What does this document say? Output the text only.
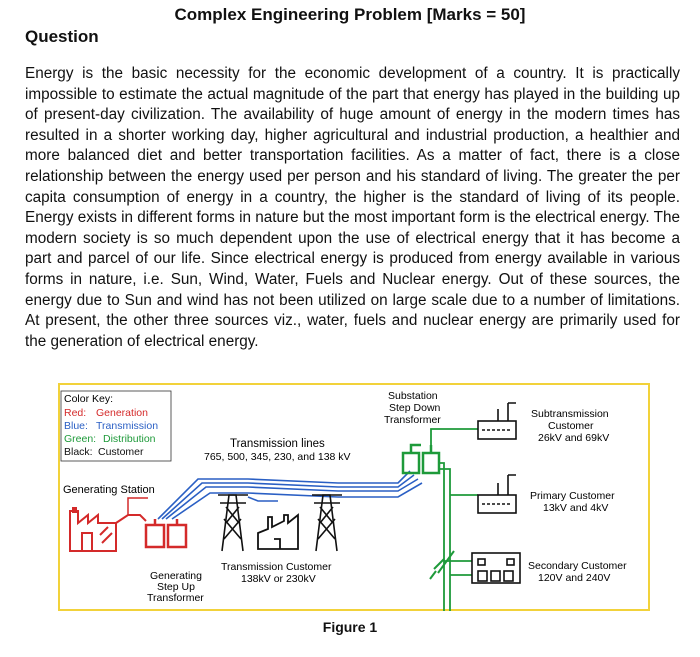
Complex Engineering Problem [Marks = 50]
Question
Energy is the basic necessity for the economic development of a country. It is practically impossible to estimate the actual magnitude of the part that energy has played in the building up of present-day civilization. The availability of huge amount of energy in the modern times has resulted in a shorter working day, higher agricultural and industrial production, a healthier and more balanced diet and better transportation facilities. As a matter of fact, there is a close relationship between the energy used per person and his standard of living. The greater the per capita consumption of energy in a country, the higher is the standard of living of its people. Energy exists in different forms in nature but the most important form is the electrical energy. The modern society is so much dependent upon the use of electrical energy that it has become a part and parcel of our life. Since electrical energy is produced from energy available in various forms in nature, i.e. Sun, Wind, Water, Fuels and Nuclear energy. Out of these sources, the energy due to Sun and wind has not been utilized on large scale due to a number of limitations. At present, the other three sources viz., water, fuels and nuclear energy are primarily used for the generation of electrical energy.
Color Key:
Red: Generation
Blue: Transmission
Green: Distribution
Black: Customer
Transmission lines
765, 500, 345, 230, and 138 kV
Generating Station
Transmission Customer
138kV or 230kV
Generating
Step Up
Transformer
Substation
Step Down
Transformer	Subtransmission
Customer
26kV and 69kV
Primary Customer
13kV and 4kV
Secondary Customer
120V and 240V
Figure 1
